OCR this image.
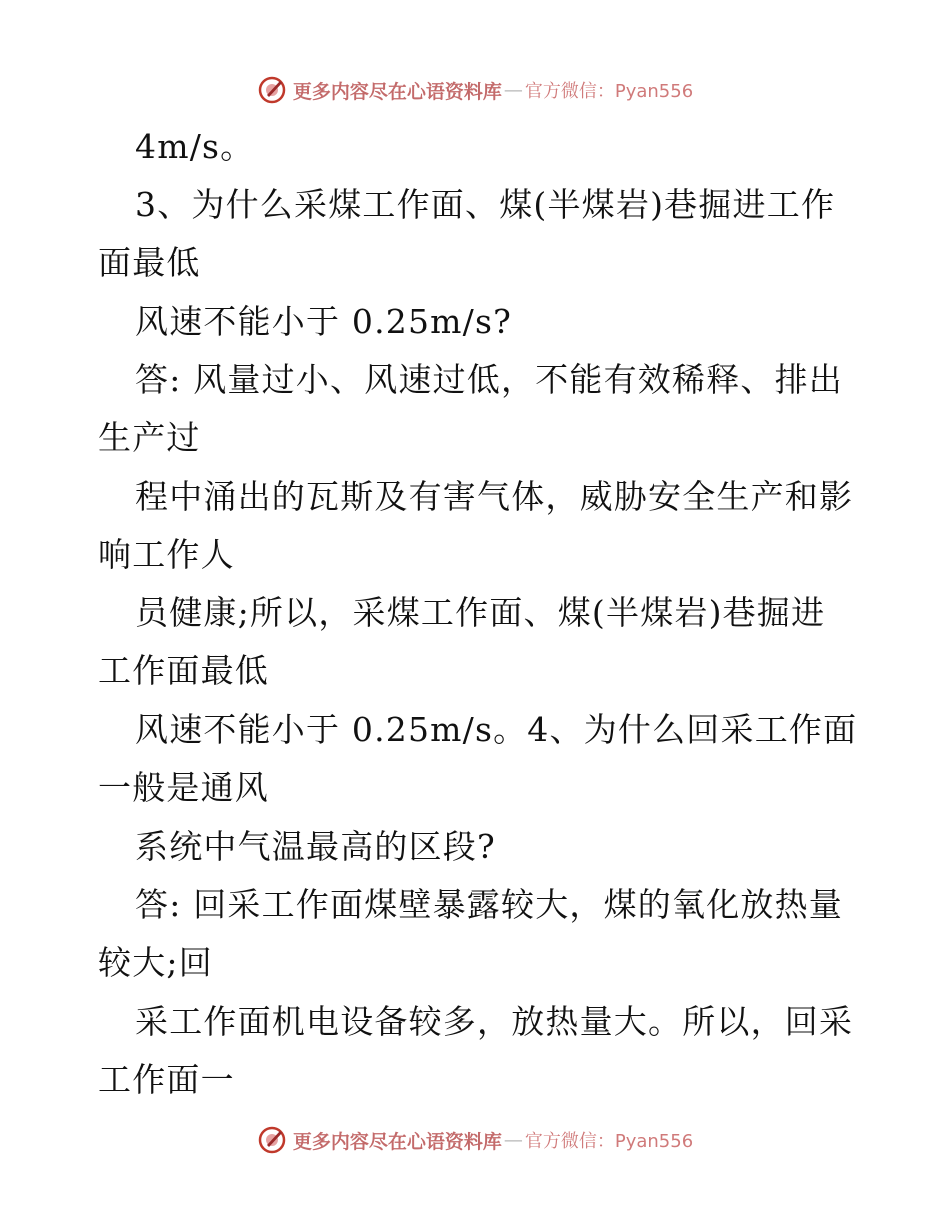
更多内容尽在心语资料库 — 官方微信：Pyan556
4m/s。
3、为什么采煤工作面、煤(半煤岩)巷掘进工作
面最低
风速不能小于 0.25m/s?
答: 风量过小、风速过低，不能有效稀释、排出
生产过
程中涌出的瓦斯及有害气体，威胁安全生产和影
响工作人
员健康;所以，采煤工作面、煤(半煤岩)巷掘进
工作面最低
风速不能小于 0.25m/s。4、为什么回采工作面
一般是通风
系统中气温最高的区段?
答: 回采工作面煤壁暴露较大，煤的氧化放热量
较大;回
采工作面机电设备较多，放热量大。所以，回采
工作面一
更多内容尽在心语资料库 — 官方微信：Pyan556
